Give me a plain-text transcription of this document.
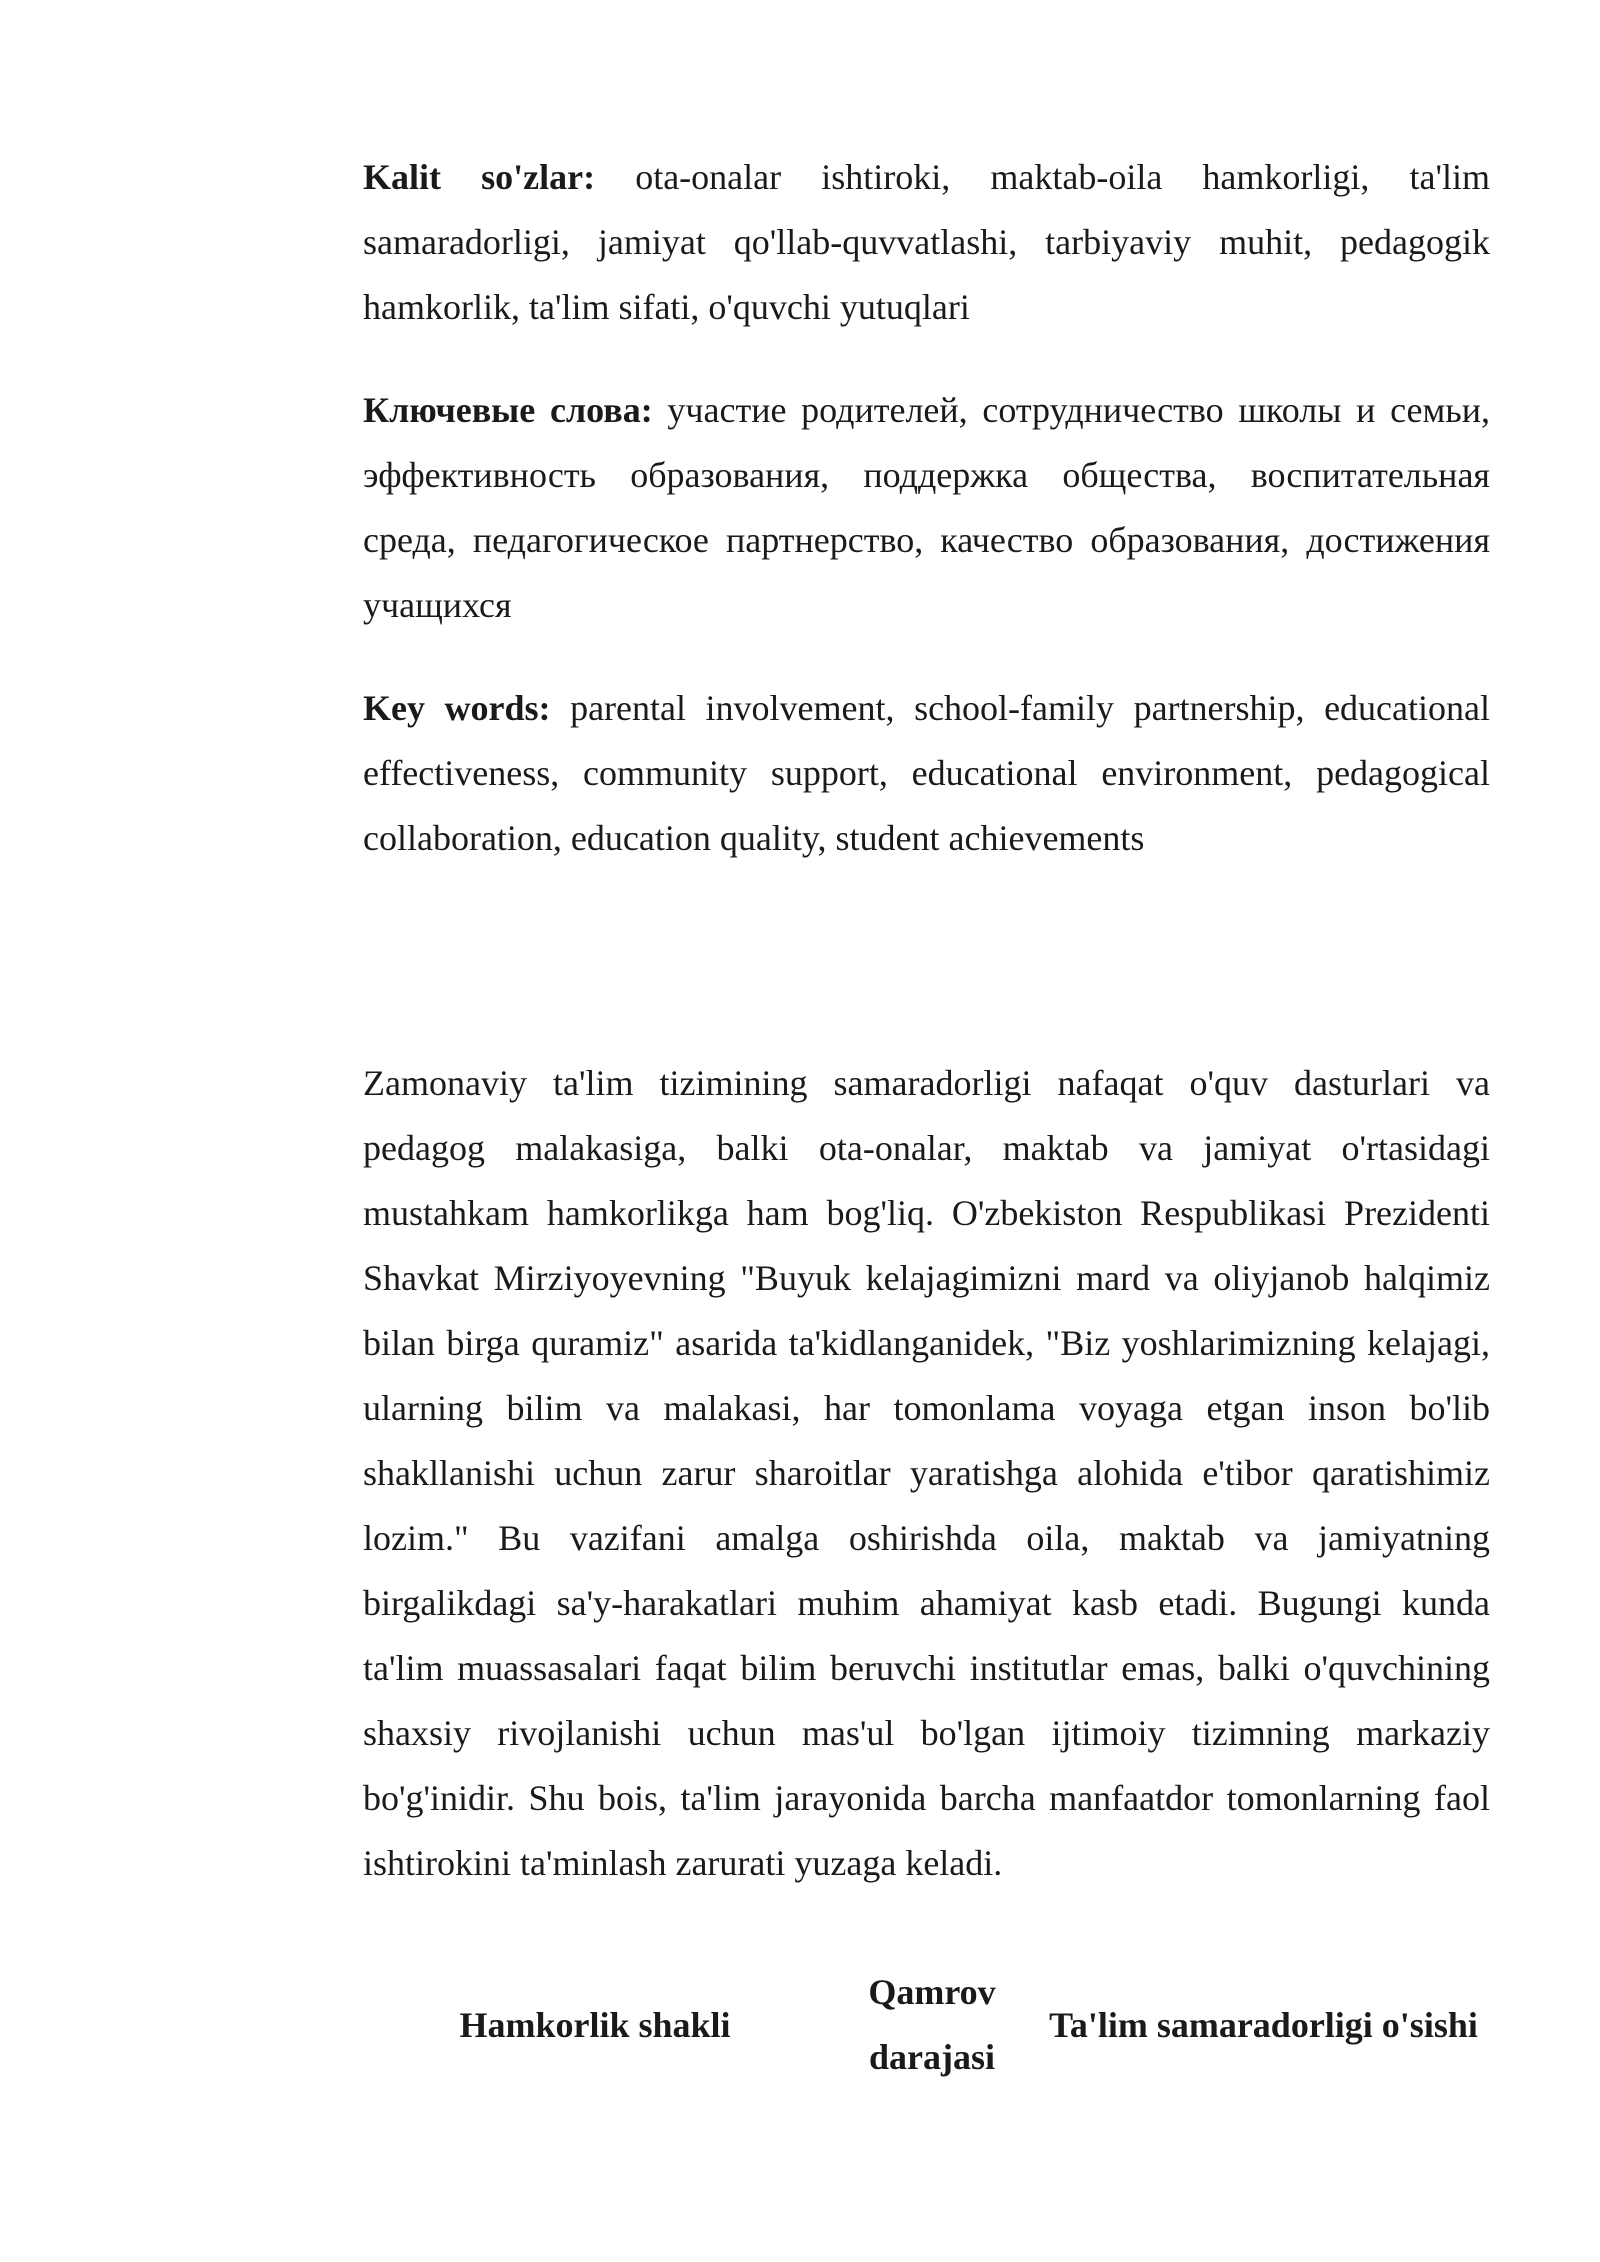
Kalit so'zlar: ota-onalar ishtiroki, maktab-oila hamkorligi, ta'lim samaradorligi, jamiyat qo'llab-quvvatlashi, tarbiyaviy muhit, pedagogik hamkorlik, ta'lim sifati, o'quvchi yutuqlari

Ключевые слова: участие родителей, сотрудничество школы и семьи, эффективность образования, поддержка общества, воспитательная среда, педагогическое партнерство, качество образования, достижения учащихся

Key words: parental involvement, school-family partnership, educational effectiveness, community support, educational environment, pedagogical collaboration, education quality, student achievements

Zamonaviy ta'lim tizimining samaradorligi nafaqat o'quv dasturlari va pedagog malakasiga, balki ota-onalar, maktab va jamiyat o'rtasidagi mustahkam hamkorlikga ham bog'liq. O'zbekiston Respublikasi Prezidenti Shavkat Mirziyoyevning "Buyuk kelajagimizni mard va oliyjanob halqimiz bilan birga quramiz" asarida ta'kidlanganidek, "Biz yoshlarimizning kelajagi, ularning bilim va malakasi, har tomonlama voyaga etgan inson bo'lib shakllanishi uchun zarur sharoitlar yaratishga alohida e'tibor qaratishimiz lozim." Bu vazifani amalga oshirishda oila, maktab va jamiyatning birgalikdagi sa'y-harakatlari muhim ahamiyat kasb etadi. Bugungi kunda ta'lim muassasalari faqat bilim beruvchi institutlar emas, balki o'quvchining shaxsiy rivojlanishi uchun mas'ul bo'lgan ijtimoiy tizimning markaziy bo'g'inidir. Shu bois, ta'lim jarayonida barcha manfaatdor tomonlarning faol ishtirokini ta'minlash zarurati yuzaga keladi.

Hamkorlik shakli	Qamrov darajasi	Ta'lim samaradorligi o'sishi
